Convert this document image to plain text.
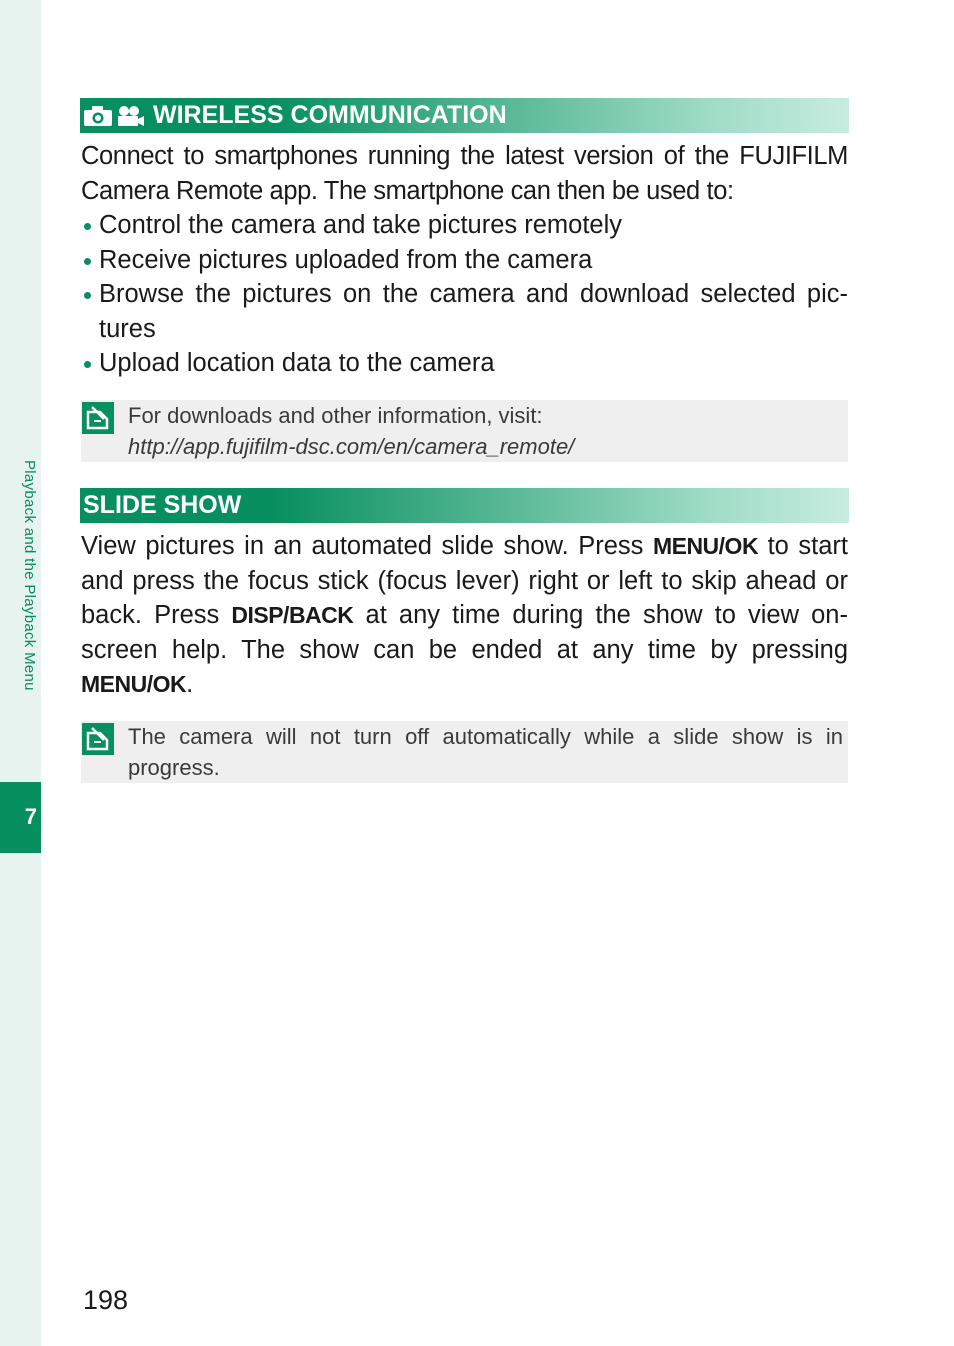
Playback and the Playback Menu
7
WIRELESS COMMUNICATION

Connect to smartphones running the latest version of the FUJIFILM Camera Remote app. The smartphone can then be used to:

Control the camera and take pictures remotely
Receive pictures uploaded from the camera
Browse the pictures on the camera and download selected pic-tures
Upload location data to the camera
For downloads and other information, visit:
http://app.fujifilm-dsc.com/en/camera_remote/
SLIDE SHOW

View pictures in an automated slide show. Press MENU/OK to start and press the focus stick (focus lever) right or left to skip ahead or back. Press DISP/BACK at any time during the show to view on-screen help. The show can be ended at any time by pressing MENU/OK.

The camera will not turn off automatically while a slide show is in progress.
198
